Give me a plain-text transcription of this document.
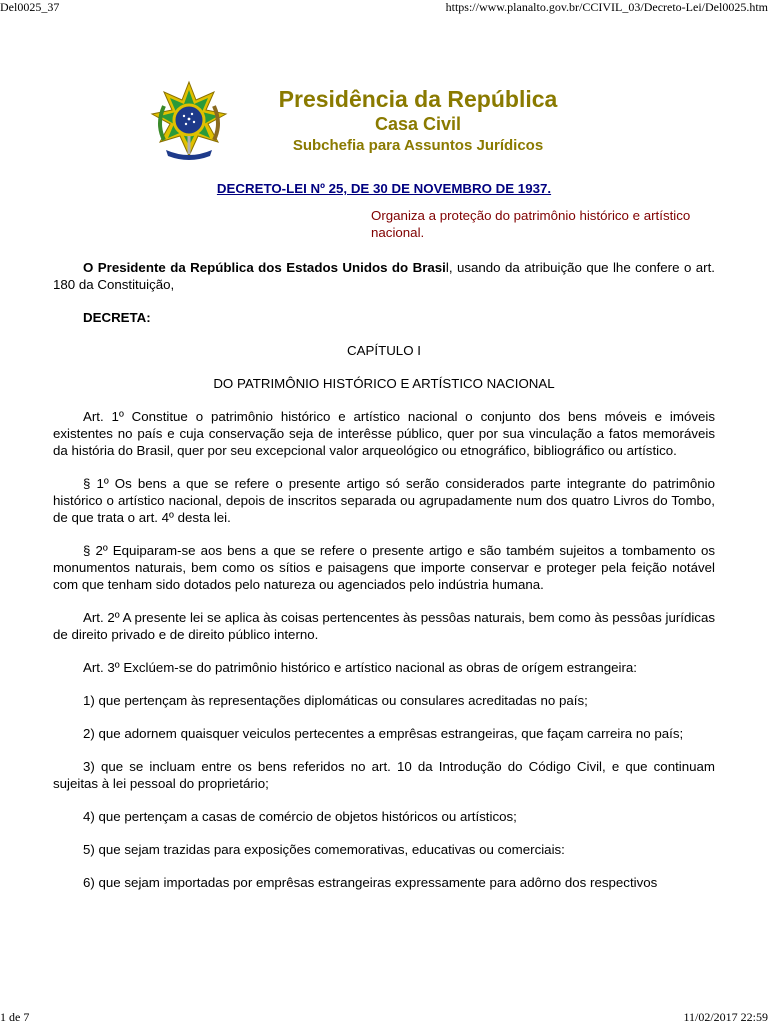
Del0025_37	https://www.planalto.gov.br/CCIVIL_03/Decreto-Lei/Del0025.htm
Presidência da República
Casa Civil
Subchefia para Assuntos Jurídicos
DECRETO-LEI Nº 25, DE 30 DE NOVEMBRO DE 1937.
Organiza a proteção do patrimônio histórico e artístico nacional.

O Presidente da República dos Estados Unidos do Brasil, usando da atribuição que lhe confere o art. 180 da Constituição,

DECRETA:

CAPÍTULO I

DO PATRIMÔNIO HISTÓRICO E ARTÍSTICO NACIONAL

Art. 1º Constitue o patrimônio histórico e artístico nacional o conjunto dos bens móveis e imóveis existentes no país e cuja conservação seja de interêsse público, quer por sua vinculação a fatos memoráveis da história do Brasil, quer por seu excepcional valor arqueológico ou etnográfico, bibliográfico ou artístico.

§ 1º Os bens a que se refere o presente artigo só serão considerados parte integrante do patrimônio histórico o artístico nacional, depois de inscritos separada ou agrupadamente num dos quatro Livros do Tombo, de que trata o art. 4º desta lei.

§ 2º Equiparam-se aos bens a que se refere o presente artigo e são também sujeitos a tombamento os monumentos naturais, bem como os sítios e paisagens que importe conservar e proteger pela feição notável com que tenham sido dotados pelo natureza ou agenciados pelo indústria humana.

Art. 2º A presente lei se aplica às coisas pertencentes às pessôas naturais, bem como às pessôas jurídicas de direito privado e de direito público interno.

Art. 3º Exclúem-se do patrimônio histórico e artístico nacional as obras de orígem estrangeira:

1) que pertençam às representações diplomáticas ou consulares acreditadas no país;

2) que adornem quaisquer veiculos pertecentes a emprêsas estrangeiras, que façam carreira no país;

3) que se incluam entre os bens referidos no art. 10 da Introdução do Código Civil, e que continuam sujeitas à lei pessoal do proprietário;

4) que pertençam a casas de comércio de objetos históricos ou artísticos;

5) que sejam trazidas para exposições comemorativas, educativas ou comerciais:

6) que sejam importadas por emprêsas estrangeiras expressamente para adôrno dos respectivos

1 de 7	11/02/2017 22:59
